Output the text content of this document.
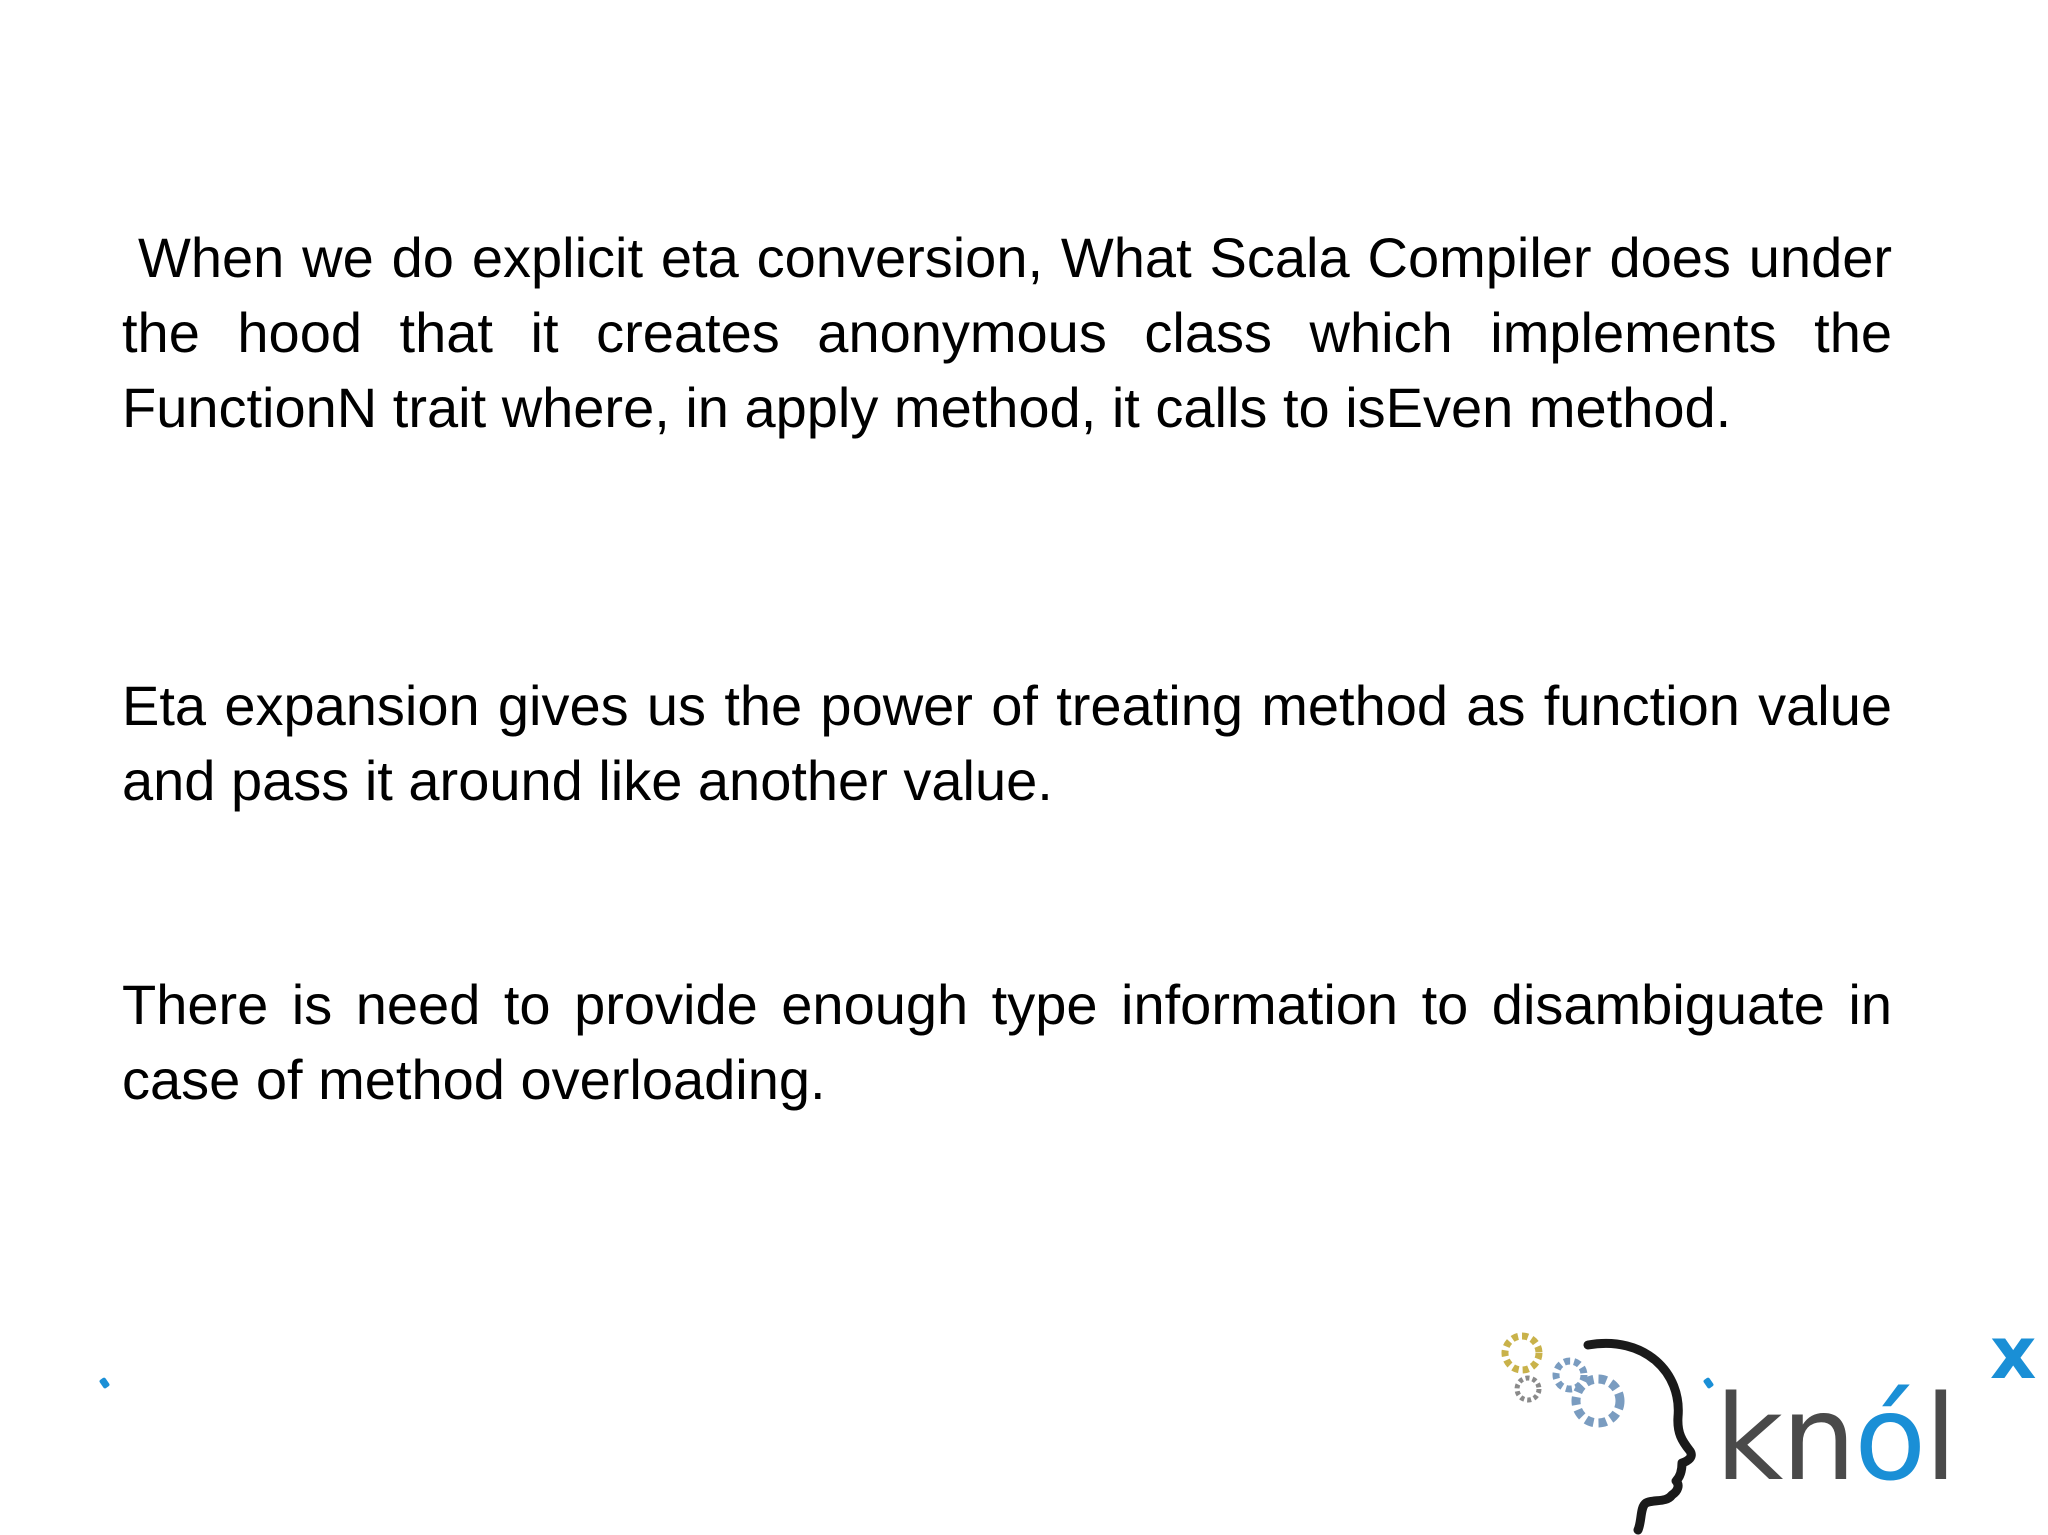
When we do explicit eta conversion, What Scala Compiler does under the hood that it creates anonymous class which implements the FunctionN trait where, in apply method, it calls to isEven method.

Eta expansion gives us the power of treating method as function value and pass it around like another value.

There is need to provide enough type information to disambiguate in case of method overloading.

knól
x
